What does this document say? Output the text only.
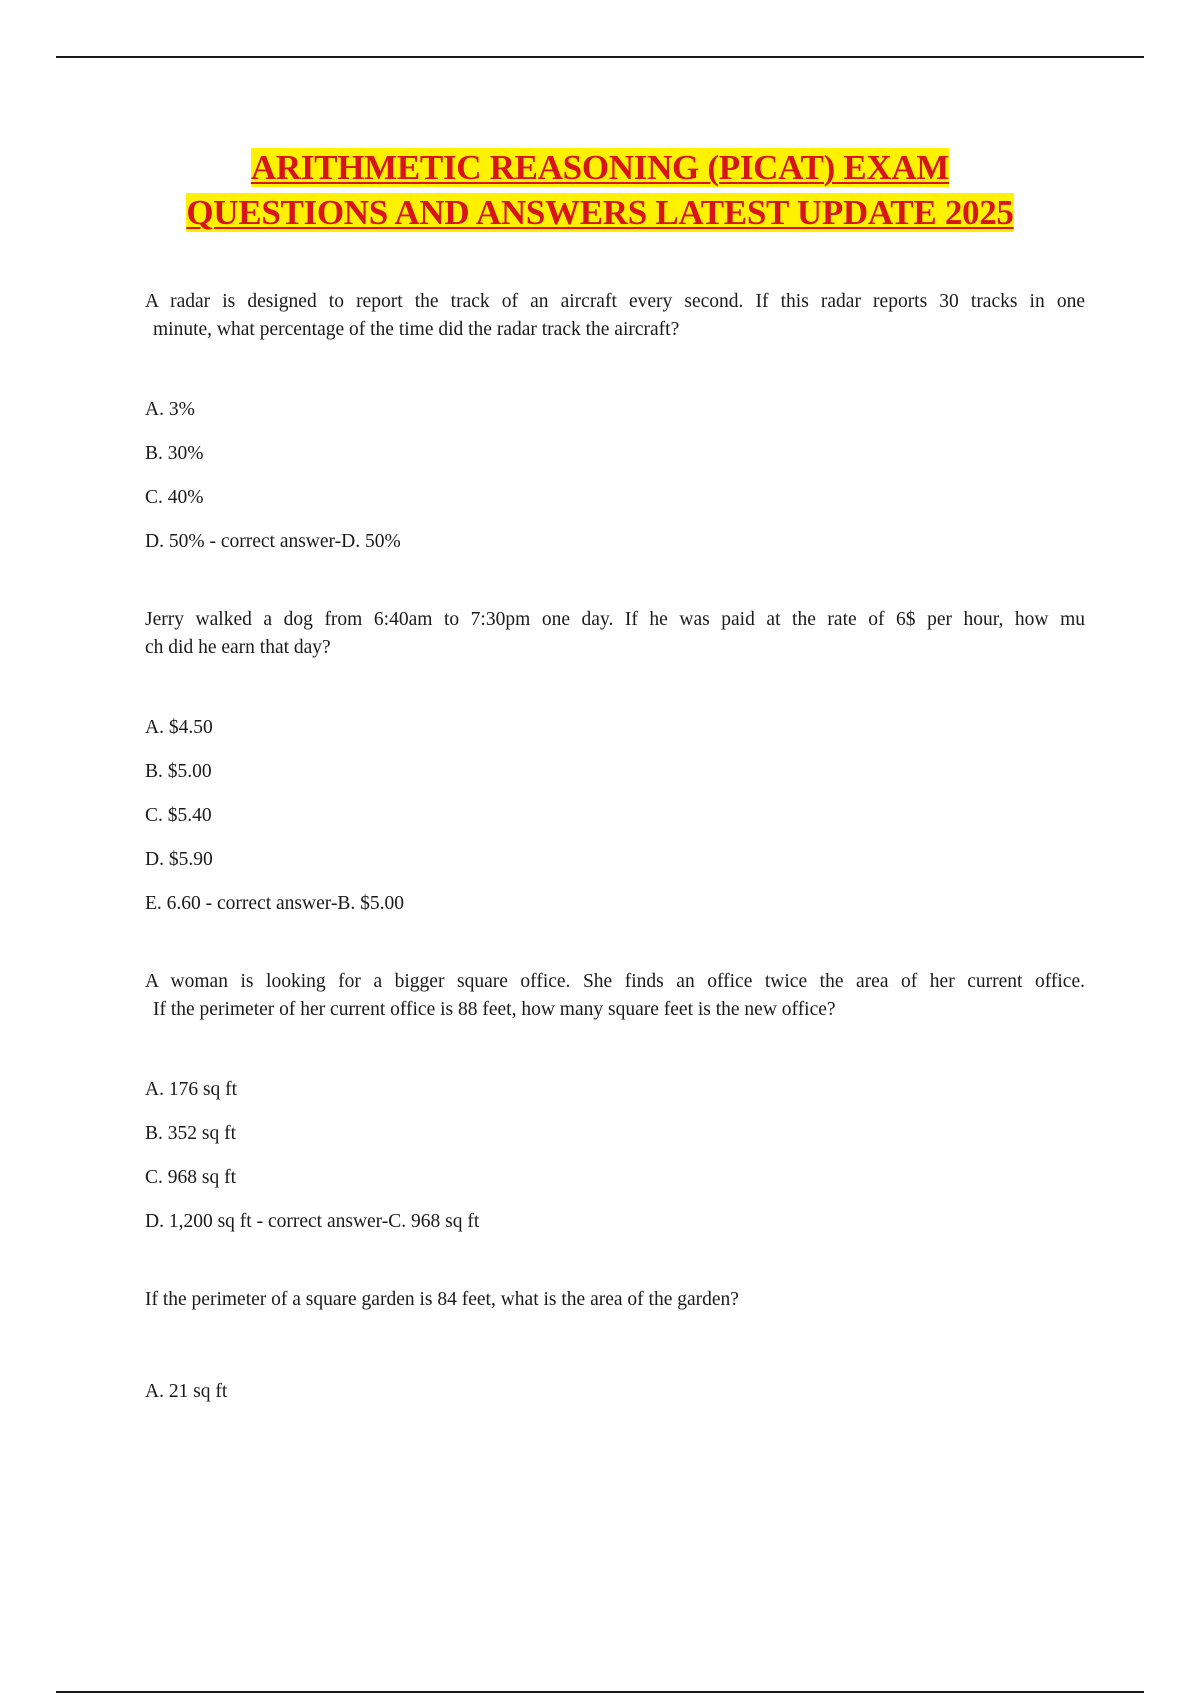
ARITHMETIC REASONING (PICAT) EXAM
QUESTIONS AND ANSWERS LATEST UPDATE 2025

A radar is designed to report the track of an aircraft every second. If this radar reports 30 tracks in one
minute, what percentage of the time did the radar track the aircraft?

A. 3%
B. 30%
C. 40%
D. 50% - correct answer-D. 50%

Jerry walked a dog from 6:40am to 7:30pm one day. If he was paid at the rate of 6$ per hour, how mu
ch did he earn that day?

A. $4.50
B. $5.00
C. $5.40
D. $5.90
E. 6.60 - correct answer-B. $5.00

A woman is looking for a bigger square office. She finds an office twice the area of her current office.
If the perimeter of her current office is 88 feet, how many square feet is the new office?

A. 176 sq ft
B. 352 sq ft
C. 968 sq ft
D. 1,200 sq ft - correct answer-C. 968 sq ft

If the perimeter of a square garden is 84 feet, what is the area of the garden?

A. 21 sq ft
